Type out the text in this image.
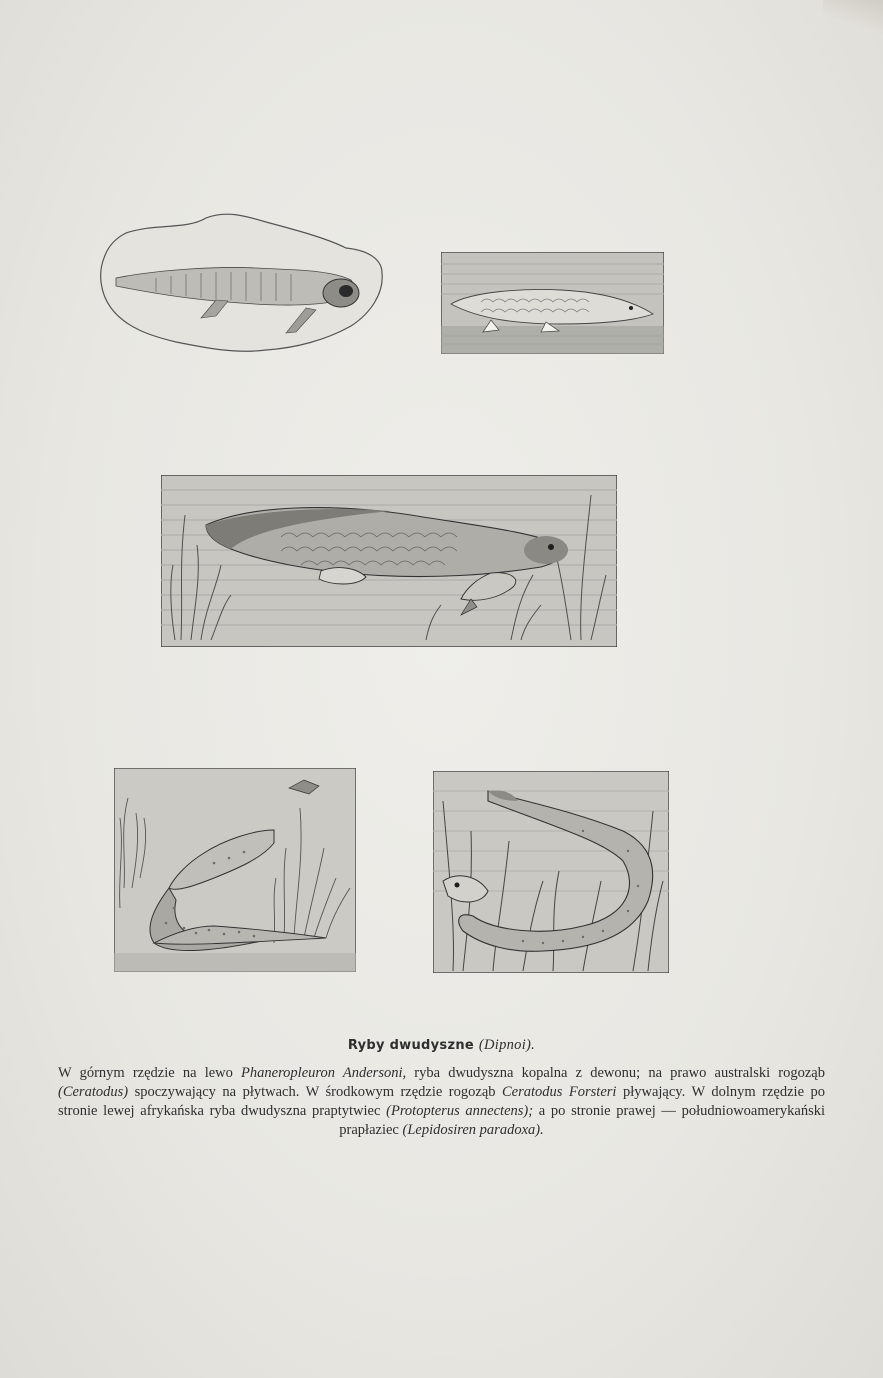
Ryby dwudyszne (Dipnoi).
W górnym rzędzie na lewo Phaneropleuron Andersoni, ryba dwudyszna kopalna z dewonu; na prawo australski rogoząb (Ceratodus) spoczywający na płytwach. W środkowym rzędzie rogoząb Ceratodus Forsteri pływający. W dolnym rzędzie po stronie lewej afrykańska ryba dwudyszna praptytwiec (Protopterus annectens); a po stronie prawej — południowoamerykański prapłaziec (Lepidosiren paradoxa).
